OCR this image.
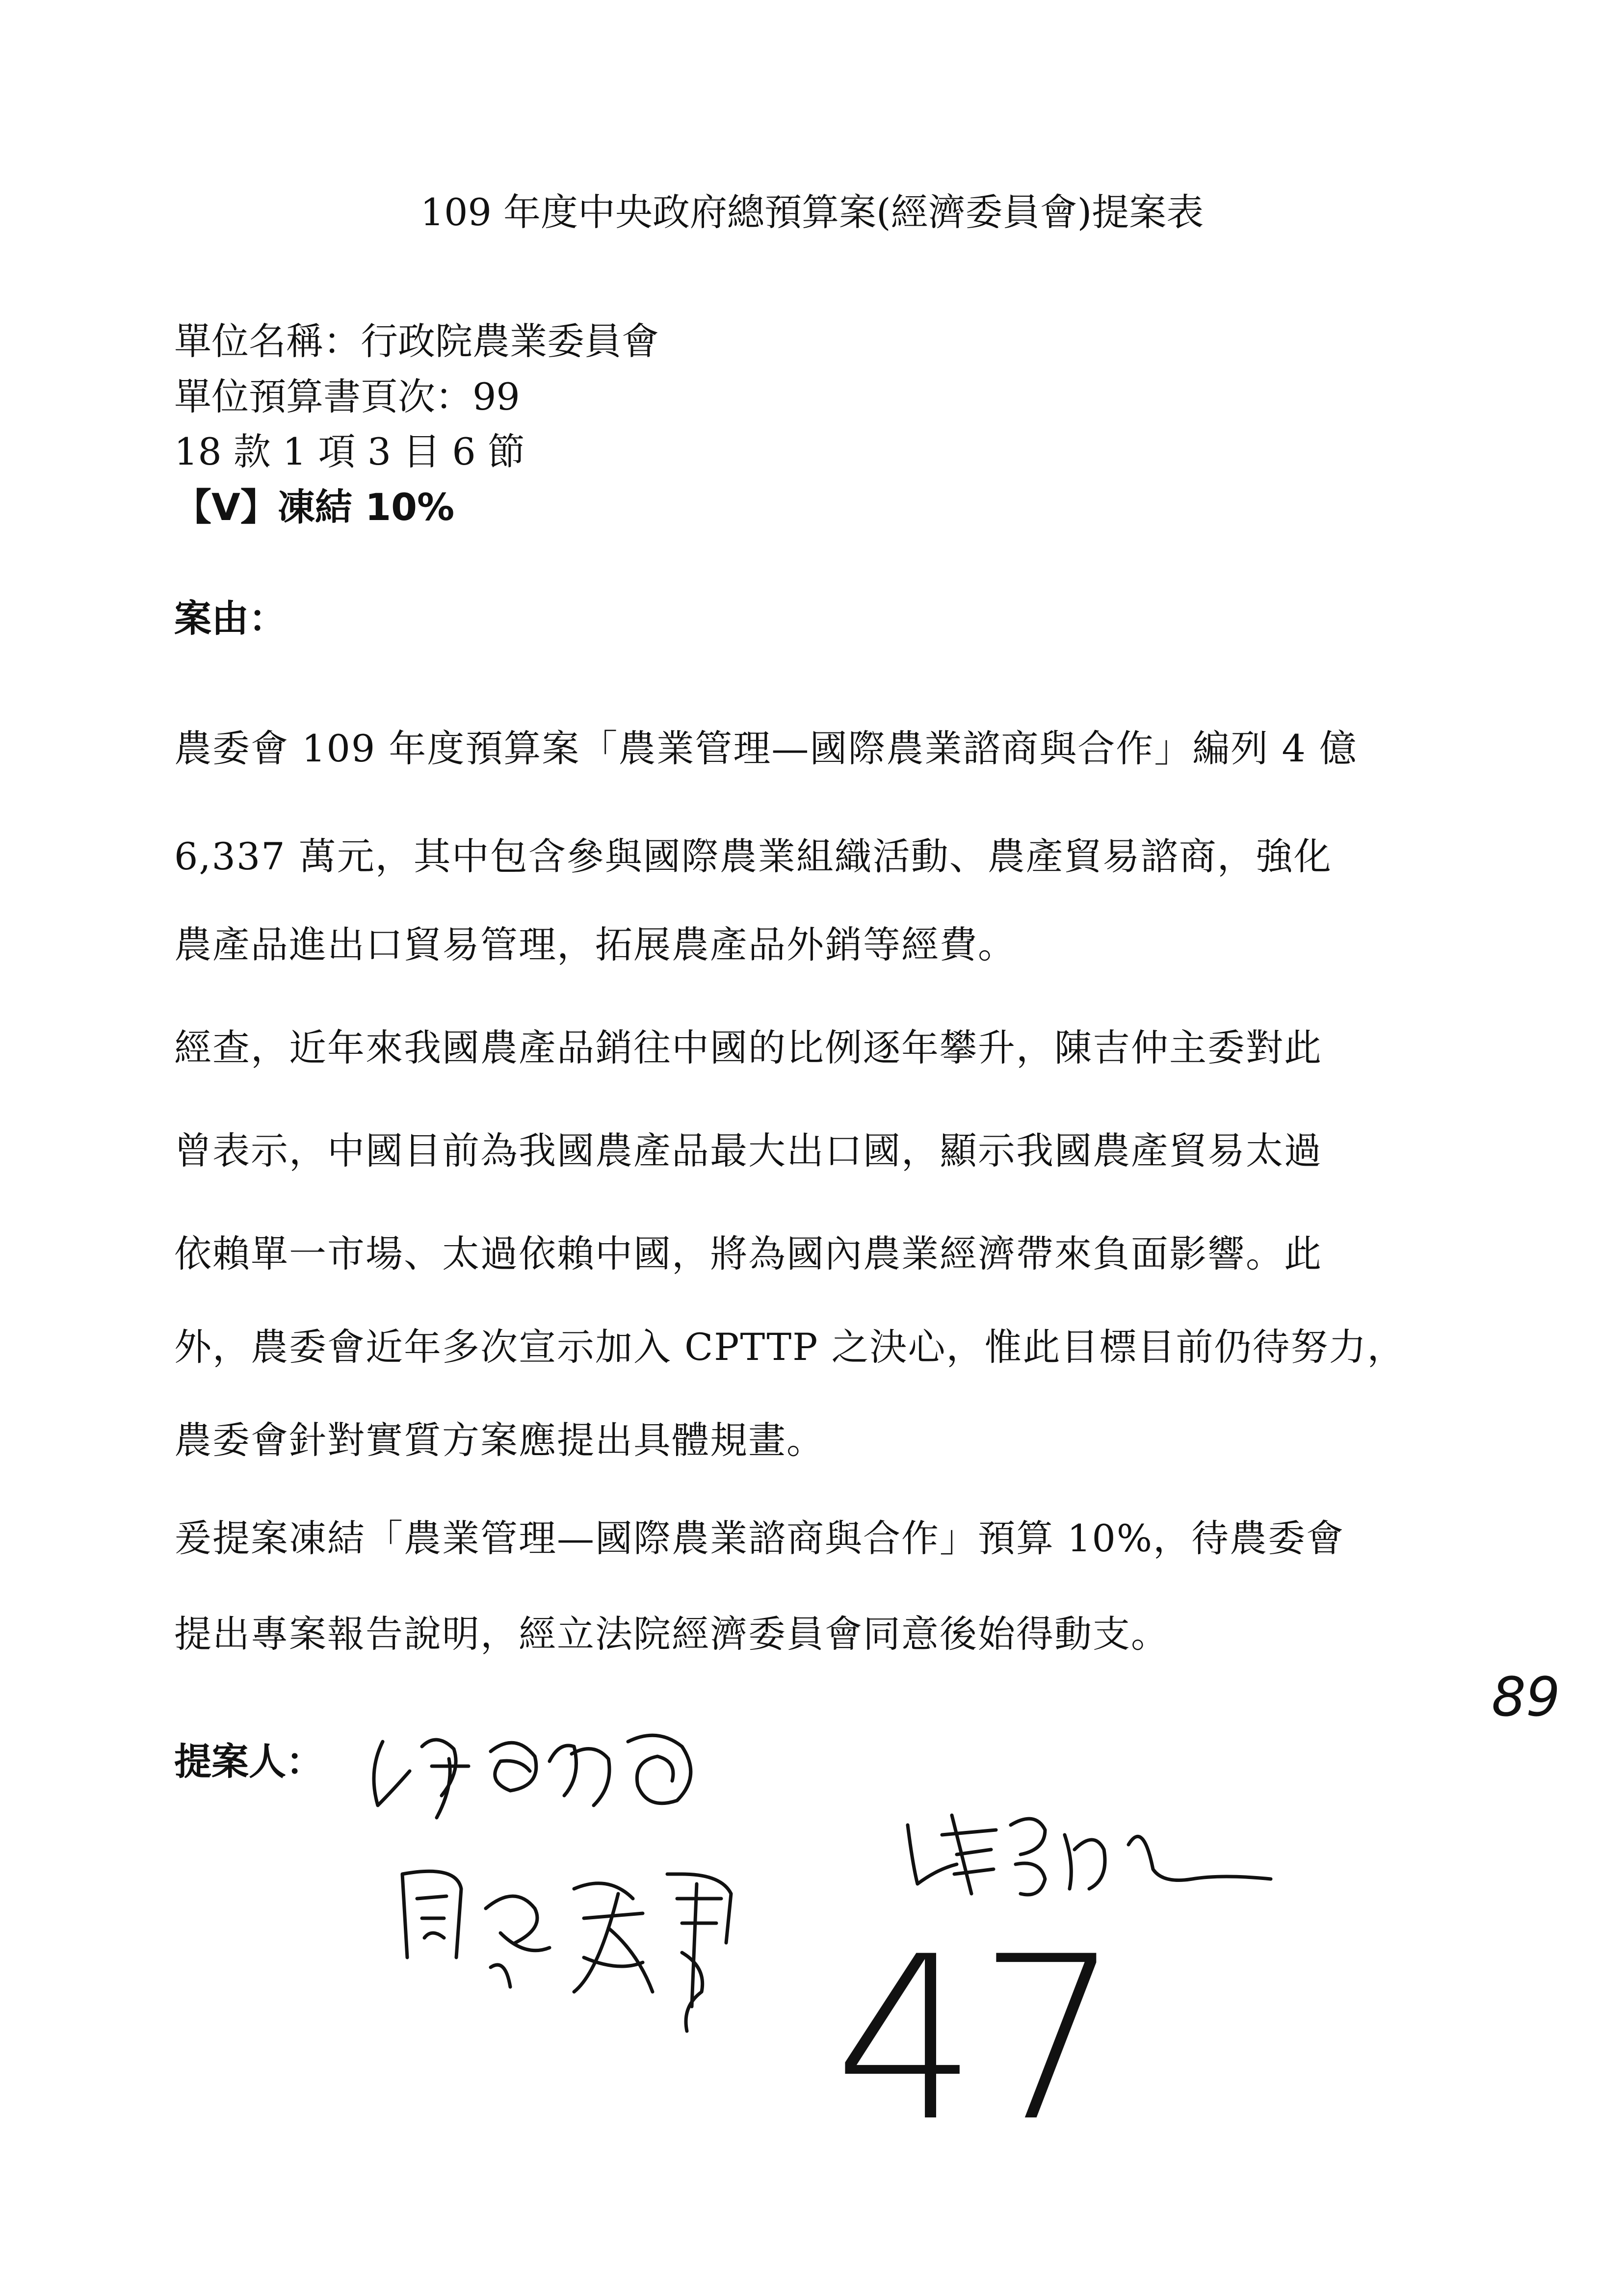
109 年度中央政府總預算案(經濟委員會)提案表
單位名稱：行政院農業委員會
單位預算書頁次：99
18 款 1 項 3 目 6 節
【V】凍結 10%
案由：
農委會 109 年度預算案「農業管理—國際農業諮商與合作」編列 4 億
6,337 萬元，其中包含參與國際農業組織活動、農產貿易諮商，強化
農產品進出口貿易管理，拓展農產品外銷等經費。
經查，近年來我國農產品銷往中國的比例逐年攀升，陳吉仲主委對此
曾表示，中國目前為我國農產品最大出口國，顯示我國農產貿易太過
依賴單一市場、太過依賴中國，將為國內農業經濟帶來負面影響。此
外，農委會近年多次宣示加入 CPTTP 之決心，惟此目標目前仍待努力，
農委會針對實質方案應提出具體規畫。
爰提案凍結「農業管理—國際農業諮商與合作」預算 10%，待農委會
提出專案報告說明，經立法院經濟委員會同意後始得動支。
提案人：
47
89
